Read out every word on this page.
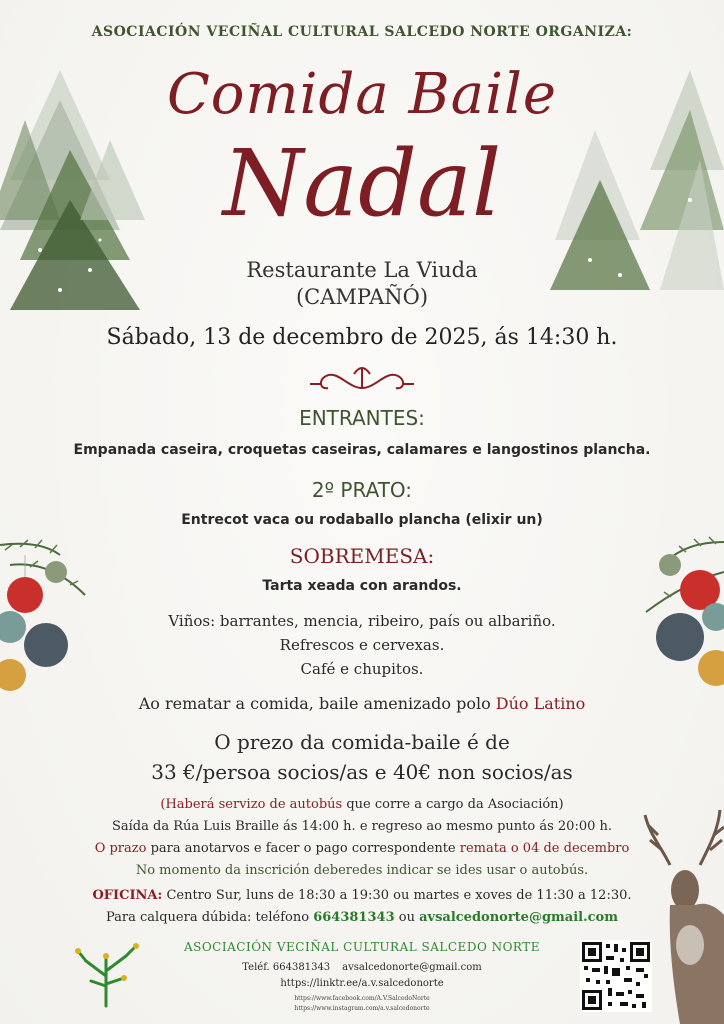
ASOCIACIÓN VECIÑAL CULTURAL SALCEDO NORTE ORGANIZA:
Comida Baile
Nadal
Restaurante La Viuda
(CAMPAÑÓ)
Sábado, 13 de decembro de 2025, ás 14:30 h.
ENTRANTES:
Empanada caseira, croquetas caseiras, calamares e langostinos plancha.
2º PRATO:
Entrecot vaca ou rodaballo plancha (elixir un)
SOBREMESA:
Tarta xeada con arandos.
Viños: barrantes, mencia, ribeiro, país ou albariño.
Refrescos e cervexas.
Café e chupitos.
Ao rematar a comida, baile amenizado polo Dúo Latino
O prezo da comida-baile é de
33 €/persoa socios/as e 40€ non socios/as
(Haberá servizo de autobús que corre a cargo da Asociación)
Saída da Rúa Luis Braille ás 14:00 h. e regreso ao mesmo punto ás 20:00 h.
O prazo para anotarvos e facer o pago correspondente remata o 04 de decembro
No momento da inscrición deberedes indicar se ides usar o autobús.
OFICINA: Centro Sur, luns de 18:30 a 19:30 ou martes e xoves de 11:30 a 12:30.
Para calquera dúbida: teléfono 664381343 ou avsalcedonorte@gmail.com
ASOCIACIÓN VECIÑAL CULTURAL SALCEDO NORTE
Teléf. 664381343 avsalcedonorte@gmail.com
https://linktr.ee/a.v.salcedonorte
https://www.facebook.com/A.V.SalcedoNorte
https://www.instagram.com/a.v.salcedonorte
